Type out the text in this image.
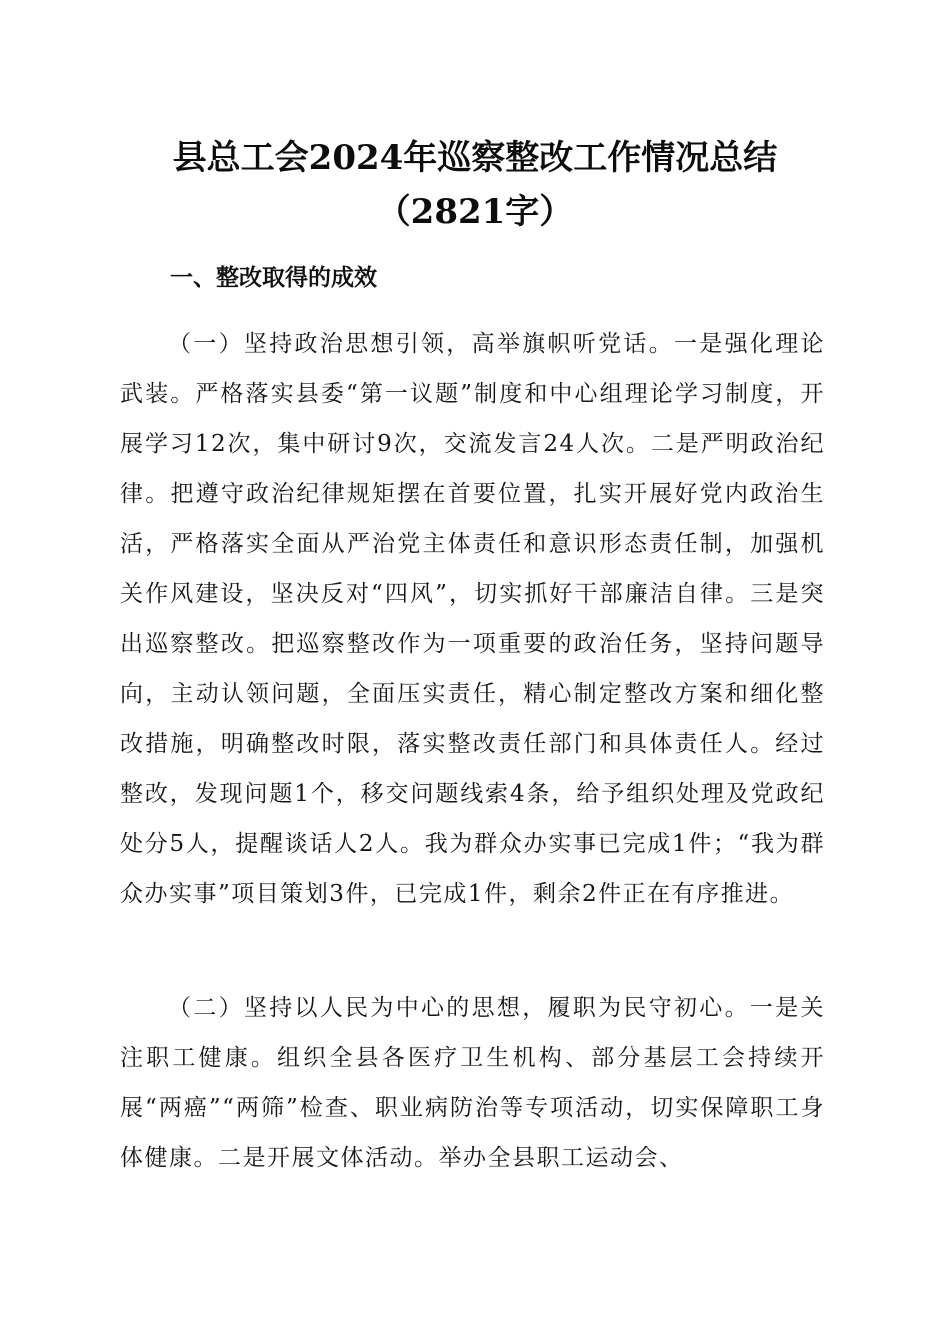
县总工会2024年巡察整改工作情况总结
（2821字）
一、整改取得的成效
（一）坚持政治思想引领，高举旗帜听党话。一是强化理论武装。严格落实县委“第一议题”制度和中心组理论学习制度，开展学习12次，集中研讨9次，交流发言24人次。二是严明政治纪律。把遵守政治纪律规矩摆在首要位置，扎实开展好党内政治生活，严格落实全面从严治党主体责任和意识形态责任制，加强机关作风建设，坚决反对“四风”，切实抓好干部廉洁自律。三是突出巡察整改。把巡察整改作为一项重要的政治任务，坚持问题导向，主动认领问题，全面压实责任，精心制定整改方案和细化整改措施，明确整改时限，落实整改责任部门和具体责任人。经过整改，发现问题1个，移交问题线索4条，给予组织处理及党政纪处分5人，提醒谈话人2人。我为群众办实事已完成1件；“我为群众办实事”项目策划3件，已完成1件，剩余2件正在有序推进。
（二）坚持以人民为中心的思想，履职为民守初心。一是关注职工健康。组织全县各医疗卫生机构、部分基层工会持续开展“两癌”“两筛”检查、职业病防治等专项活动，切实保障职工身体健康。二是开展文体活动。举办全县职工运动会、
